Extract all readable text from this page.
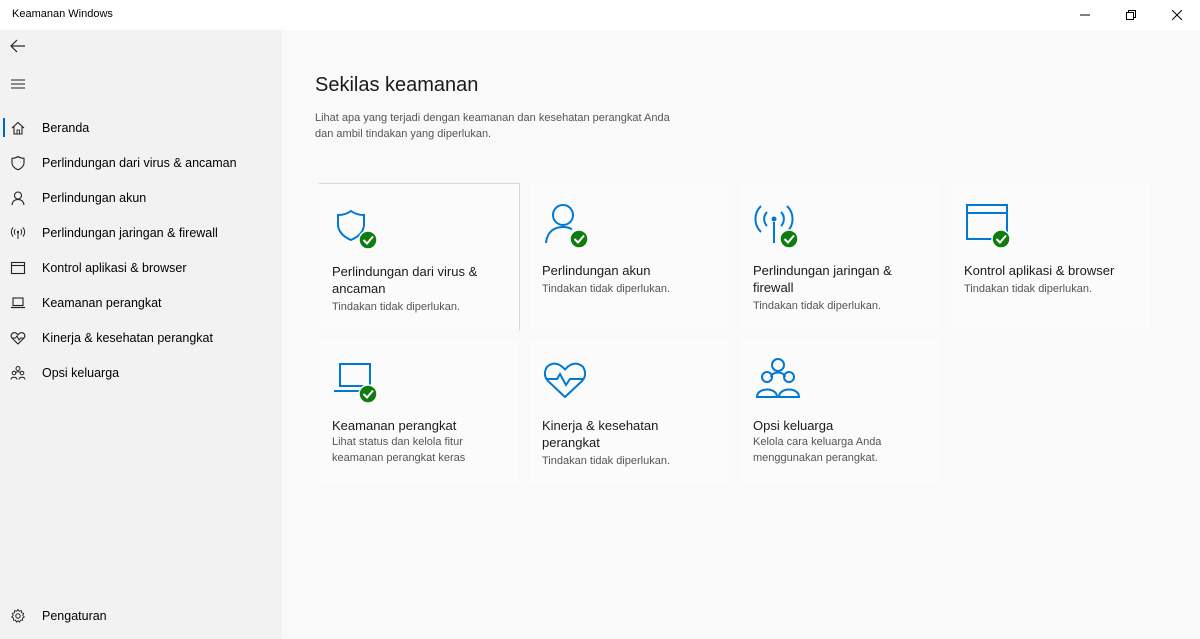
Keamanan Windows
Beranda
Perlindungan dari virus & ancaman
Perlindungan akun
Perlindungan jaringan & firewall
Kontrol aplikasi & browser
Keamanan perangkat
Kinerja & kesehatan perangkat
Opsi keluarga
Pengaturan
Sekilas keamanan
Lihat apa yang terjadi dengan keamanan dan kesehatan perangkat Anda dan ambil tindakan yang diperlukan.
Perlindungan dari virus & ancaman
Tindakan tidak diperlukan.
Perlindungan akun
Tindakan tidak diperlukan.
Perlindungan jaringan & firewall
Tindakan tidak diperlukan.
Kontrol aplikasi & browser
Tindakan tidak diperlukan.
Keamanan perangkat
Lihat status dan kelola fitur keamanan perangkat keras
Kinerja & kesehatan perangkat
Tindakan tidak diperlukan.
Opsi keluarga
Kelola cara keluarga Anda menggunakan perangkat.
